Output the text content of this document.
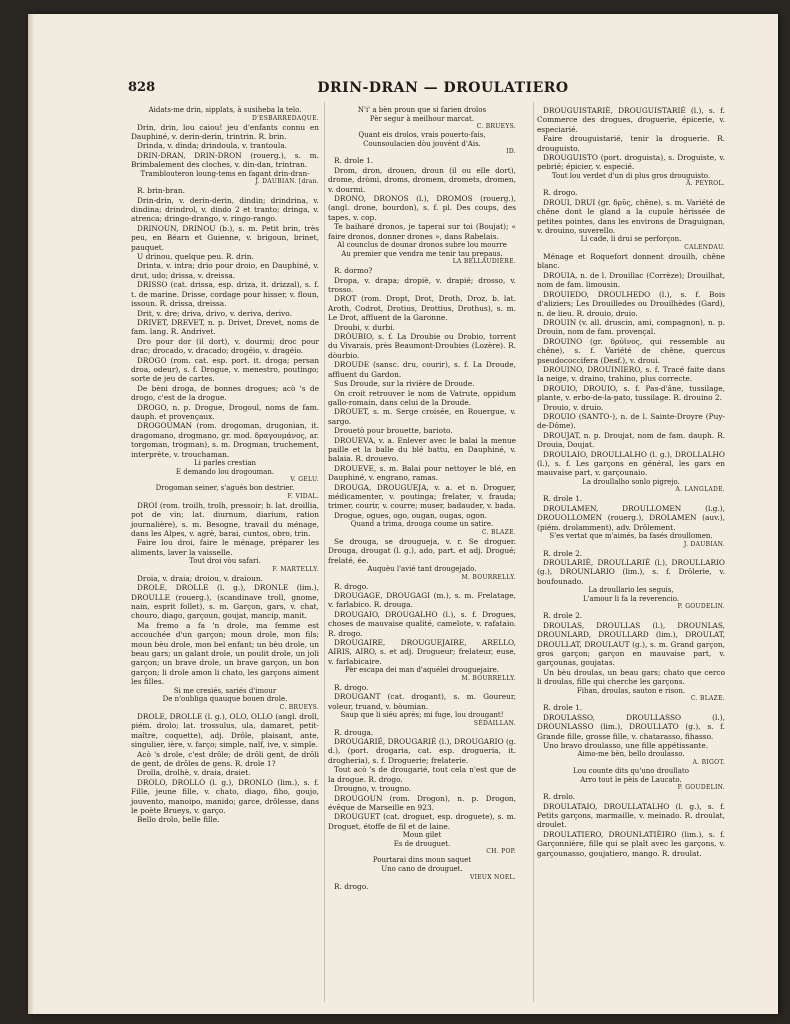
828	DRIN-DRAN — DROULATIERO

Aidats-me drin, sipplats, à susiheba la telo.

D'ESBARREDAQUE.

Drin, drin, lou caiou! jeu d'enfants connu en Dauphiné, v. derin-derin, trintrin. R. brin.

Drinda, v. dinda; drindoula, v. trantoula.

DRIN-DRAN, DRIN-DRON (rouerg.), s. m. Brimbalement des cloches, v. din-dan, trintran.

Tramblouteron loung-tems en fagant drin-dran-

J. DAUBIAN. [dran.

R. brin-bran.

Drin-drin, v. derin-derin, dindin; drindrina, v. dindina; drindrol, v. dindo 2 et tranto; dringa, v. atrenca; dringo-drango, v. ringo-rango.

DRINOUN, DRINOU (b.), s. m. Petit brin, très peu, en Béarn et Guienne, v. brigoun, brinet, pauquet.

U drinou, quelque peu. R. drin.

Drinta, v. intra; drio pour droio, en Dauphiné, v. drut, udo; drissa, v. dreissa.

DRISSO (cat. drissa, esp. driza, it. drizzal), s. f. t. de marine. Drisse, cordage pour hisser, v. floun, issoun. R. drissa, dreissa.

Drit, v. dre; driva, drivo, v. deriva, derivo.

DRIVET, DREVET, n. p. Drivet, Drevet, noms de fam. lang. R. Andrivet.

Dro pour dor (il dort), v. dourmi; droc pour drac; drocado, v. dracado; drogéio, v. dragéio.

DROGO (rom. cat. esp. port. it. droga; persan droa, odeur), s. f. Drogue, v. menestro, poutingo; sorte de jeu de cartes.

De bèni droga, de bonnes drogues; acò 's de drogo, c'est de la drogue.

DROGO, n. p. Drogue, Drogoul, noms de fam. dauph. et provençaux.

DROGOUMAN (rom. drogoman, drugonian, it. dragomano, drogmano, gr. mod. δραγουμάνος, ar. torgoman, trogman), s. m. Drogman, truchement, interprète, v. trouchaman.

Li parles crestian

E demando lou drogouman.

V. GELU.

Drogoman seiner, s'agués bon destrier.

F. VIDAL.

DROI (rom. troilh, trolh, pressoir; b. lat. droillia, pot de vin; lat. diurnum, diarium, ration journalière), s. m. Besogne, travail du ménage, dans les Alpes, v. agrè, barai, cuntos, obro, trin.

Faire lou droi, faire le ménage, préparer les aliments, laver la vaisselle.

Tout droi vòu safari.

F. MARTELLY.

Droia, v. draia; droiou, v. draioun.

DROLE, DROLLE (l. g.), DRONLE (lim.), DROULLE (rouerg.), (scandinave troll, gnome, nain, esprit follet), s. m. Garçon, gars, v. chat, chouro, diago, garçoun, goujat, mancip, manit.

Ma fremo a fa 'n drole, ma femme est accouchée d'un garçon; moun drole, mon fils; moun bèu drole, mon bel enfant; un bèu drole, un beau gars; un galant drole, un poulit drole, un joli garçon; un brave drole, un brave garçon, un bon garçon; li drole amon li chato, les garçons aiment les filles.

Si me cresiés, sariés d'imour

De n'oubliga quauque bouen drole.

C. BRUEYS.

DROLE, DROLLE (l. g.), OLO, OLLO (angl. droll, piém. drolo; lat. trossulus, ula, damaret, petit-maître, coquette), adj. Drôle, plaisant, ante, singulier, ière, v. farço; simple, naïf, ive, v. simple.

Acò 's drole, c'est drôle; de drôli gent, de drôli de gent, de drôles de gens. R. drole 1?

Drolla, drolhè, v. draia, draiet.

DROLO, DROLLO (l. g.), DRONLO (lim.), s. f. Fille, jeune fille, v. chato, diago, fiho, goujo, jouvento, manoipo, manido; garce, drôlesse, dans le poète Brueys, v. garço.

Bello drolo, belle fille.

N'i' a bèn proun que si farien drolos

Pèr segur à meilhour marcat.

C. BRUEYS.

Quant eis drolos, vrais pouerto-fais,

Counsoulacien dòu jouvènt d'Ais.

ID.

R. drole 1.

Drom, dron, drouen, droun (il ou elle dort), drome, dròmi, droms, dromem, dromets, dromen, v. dourmi.

DRONO, DRONOS (l.), DROMOS (rouerg.), (angl. drone, bourdon), s. f. pl. Des coups, des tapes, v. cop.

Te baiharé dronos, je taperai sur toi (Boujat); « faire dronos, donner drones », dans Rabelais.

Al counclus de dounar dronos subre lou mourre

Au premier que vendra me tenir tau prepaus.

LA BELLAUDIÈRE.

R. dormo?

Dropa, v. drapa; dropiè, v. drapié; drosso, v. trosso.

DROT (rom. Dropt, Drot, Droth, Droz, b. lat. Aroth, Codrot, Drotius, Drottius, Drothus), s. m. Le Drot, affluent de la Garonne.

Droubi, v. durbi.

DRÒUBIO, s. f. La Droubie ou Drobio, torrent du Vivarais, près Beaumont-Droubies (Lozère). R. dòurbio.

DROUDE (sansc. dru, courir), s. f. La Droude, affluent du Gardon.

Sus Droude, sur la rivière de Droude.

On croit retrouver le nom de Vatrute, oppidum gallo-romain, dans celui de la Droude.

DROUET, s. m. Serge croisée, en Rouergue, v. sargo.

Drouetò pour brouette, barioto.

DROUEVA, v. a. Enlever avec le balai la menue paille et la balle du blé battu, en Dauphiné, v. balaia. R. drouevo.

DROUEVE, s. m. Balai pour nettoyer le blé, en Dauphiné, v. engrano, ramas.

DROUGA, DROUGUEJA, v. a. et n. Droguer, médicamenter, v. poutinga; frelater, v. frauda; trimer, courir, v. courre; muser, badauder, v. bada.

Drogue, ogues, ogo, ougan, ougas, ogon.

Quand a trima, drouga coume un satire.

C. BLAZE.

Se drouga, se drougueja, v. r. Se droguer. Drouga, drougat (l. g.), ado, part. et adj. Drogué; frelaté, ée.

Auquèu l'avié tant drougejado.

M. BOURRELLY.

R. drogo.

DROUGAGE, DROUGAGI (m.), s. m. Frelatage, v. farlabico. R. drouga.

DROUGAIO, DROUGALHO (l.), s. f. Drogues, choses de mauvaise qualité, camelote, v. rafataio. R. drogo.

DROUGAIRE, DROUGUEJAIRE, ARELLO, AIRIS, AIRO, s. et adj. Drogueur; frelateur, euse, v. farlabicaire.

Pèr escapa dei man d'aquélei drouguejaire.

M. BOURRELLY.

R. drogo.

DROUGANT (cat. drogant), s. m. Goureur, voleur, truand, v. bòumian.

Saup que li siéu après; mi fuge, lou drougant!

SÈDAILLAN.

R. drouga.

DROUGARIÉ, DROUGARIÉ (l.), DROUGARIO (g. d.), (port. drogaria, cat. esp. drogueria, it. drogheria), s. f. Droguerie; frelaterie.

Tout acò 's de drougarié, tout cela n'est que de la drogue. R. drogo.

Drougno, v. trougno.

DROUGOUN (rom. Drogon), n. p. Drogon, évêque de Marseille en 923.

DROUGUET (cat. droguet, esp. droguete), s. m. Droguet, étoffe de fil et de laine.

Moun gilet

Es de drouguet.

CH. POP.

Pourtarai dins moun saquet

Uno cano de drouguet.

VIEUX NOEL.

R. drogo.

DROUGUISTARIÈ, DROUGUISTARIÉ (l.), s. f. Commerce des drogues, droguerie, épicerie, v. especiarié.

Faire drouguistarié, tenir la droguerie. R. drouguisto.

DROUGUISTO (port. droguista), s. Droguiste, v. pebrié; épicier, v. especié.

Tout lou verdet d'un di plus gros drouguisto.

A. PEYROL.

R. drogo.

DROUI, DRUI (gr. δρῦς, chêne), s. m. Variété de chêne dont le gland a la cupule hérissée de petites pointes, dans les environs de Draguignan, v. drouino, suverello.

Li cade, li drui se perforçon.

CALENDAU.

Ménage et Roquefort donnent drouilh, chêne blanc.

DROUIA, n. de l. Drouillac (Corrèze); Drouilhat, nom de fam. limousin.

DROUIEDO, DROULHEDO (l.), s. f. Bois d'aliziers; Les Drouilledes ou Drouilhèdes (Gard), n. de lieu. R. drouio, druio.

DROUIN (v. all. druscin, ami, compagnon), n. p. Drouin, nom de fam. provençal.

DROUINO (gr. δρύϊνος, qui ressemble au chêne), s. f. Variété de chêne, quercus pseudococcifera (Desf.), v. droui.

DROUINO, DROUINIERO, s. f. Tracé faite dans la neige, v. draino, trahino, plus correcte.

DROUIO, DROUIO, s. f. Pas-d'âne, tussilage, plante, v. erbo-de-la-pato, tussilage. R. drouino 2.

Drouio, v. druio.

DROUIO (SANTO-), n. de l. Sainte-Droyre (Puy-de-Dôme).

DROUJAT, n. p. Droujat, nom de fam. dauph. R. Drouia, Doujat.

DROULAIO, DROULLALHO (l. g.), DROLLALHO (l.), s. f. Les garçons en général, les gars en mauvaise part, v. garçounaio.

La droullalho sonlo pigrejo.

A. LANGLADE.

R. drole 1.

DROULAMEN, DROULLOMEN (l.g.), DROUOLLOMEN (rouerg.), DROLAMEN (auv.), (piém. drolamment), adv. Drôlement.

S'es vertat que m'aimés, ba fasés droullomen.

J. DAUBIAN.

R. drole 2.

DROULARIÈ, DROULLARIÉ (l.), DROULLARIO (g.), DROUNLARIO (lim.), s. f. Drôlerie, v. boufounado.

La droullario les seguis,

L'amour li fa la reverencio.

P. GOUDELIN.

R. drole 2.

DROULAS, DROULLAS (l.), DROUNLAS, DROUNLARD, DROULLARD (lim.), DROULAT, DROULLAT, DROULAUT (g.), s. m. Grand garçon, gros garçon; garçon en mauvaise part, v. garçounas, goujatas.

Un bèu droulas, un beau gars; chato que cerco li droulas, fille qui cherche les garçons.

Fihan, droulas, sauton e rison.

C. BLAZE.

R. drole 1.

DROULASSO, DROULLASSO (l.), DROUNLASSO (lim.), DROULLATO (g.), s. f. Grande fille, grosse fille, v. chatarasso, fihasso.

Uno bravo droulasso, une fille appétissante.

Aimo-me bèn, bello droulasso.

A. BIGOT.

Lou counte dits qu'uno droullato

Arro tout le pèis de Laucato.

P. GOUDELIN.

R. drolo.

DROULATAIO, DROULLATALHO (l. g.), s. f. Petits garçons, marmaille, v. meinado. R. droulat, droulet.

DROULATIERO, DROUNLATIÈIRO (lim.), s. f. Garçonnière, fille qui se plaît avec les garçons, v. garçounasso, goujatiero, mango. R. droulat.
